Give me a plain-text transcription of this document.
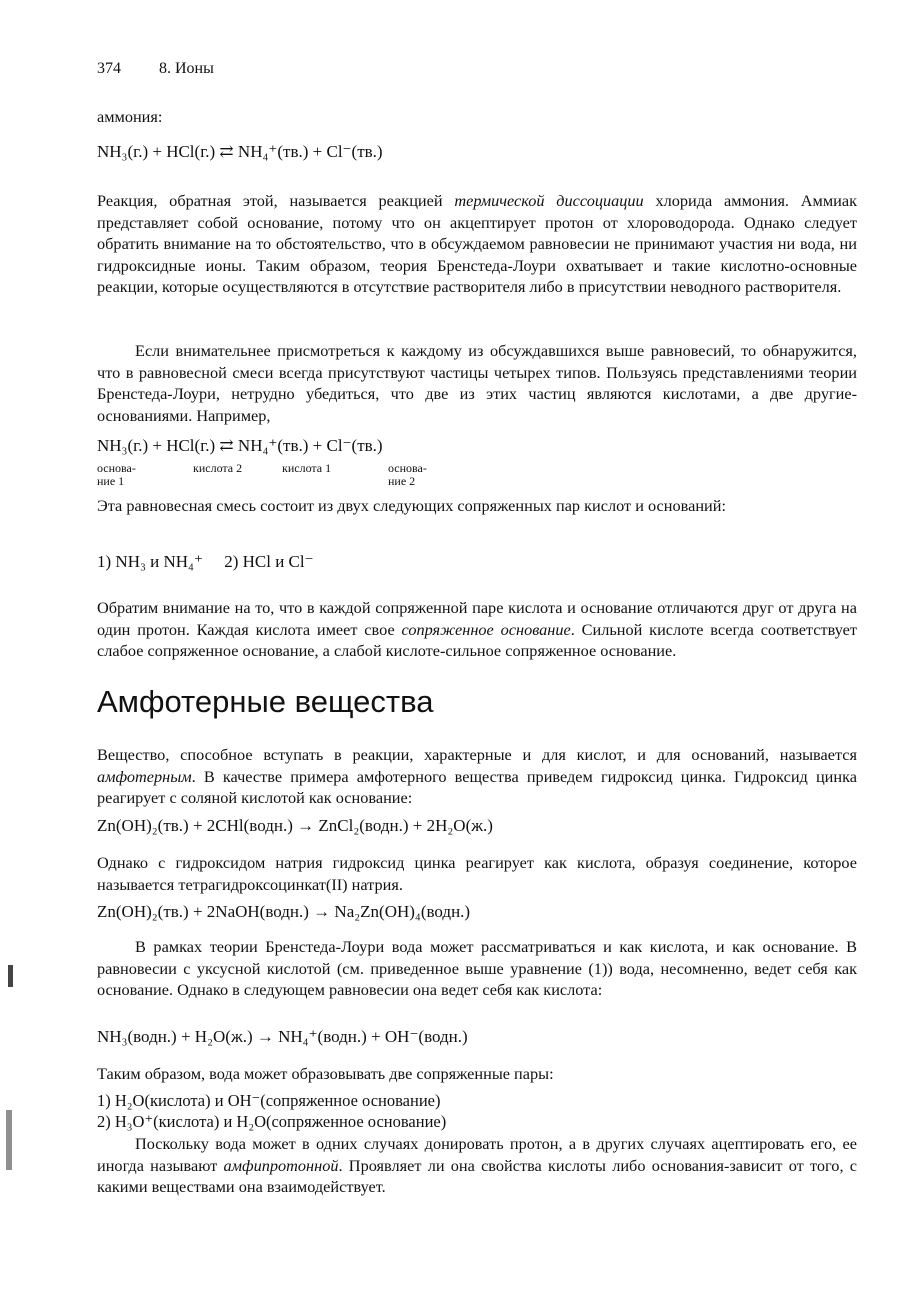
374 8. Ионы
аммония:
NH₃(г.) + HCl(г.) ⇄ NH₄⁺(тв.) + Cl⁻(тв.)
Реакция, обратная этой, называется реакцией термической диссоциации хлорида аммония. Аммиак представляет собой основание, потому что он акцептирует протон от хлороводорода. Однако следует обратить внимание на то обстоятельство, что в обсуждаемом равновесии не принимают участия ни вода, ни гидроксидные ионы. Таким образом, теория Бренстеда-Лоури охватывает и такие кислотно-основные реакции, которые осуществляются в отсутствие растворителя либо в присутствии неводного растворителя.
Если внимательнее присмотреться к каждому из обсуждавшихся выше равновесий, то обнаружится, что в равновесной смеси всегда присутствуют частицы четырех типов. Пользуясь представлениями теории Бренстеда-Лоури, нетрудно убедиться, что две из этих частиц являются кислотами, а две другие-основаниями. Например,
NH₃(г.) + HCl(г.) ⇄ NH₄⁺(тв.) + Cl⁻(тв.)
основа-
ние 1
кислота 2	кислота 1	основа-
ние 2
Эта равновесная смесь состоит из двух следующих сопряженных пар кислот и оснований:
1) NH₃ и NH₄⁺     2) HCl и Cl⁻
Обратим внимание на то, что в каждой сопряженной паре кислота и основание отличаются друг от друга на один протон. Каждая кислота имеет свое сопряженное основание. Сильной кислоте всегда соответствует слабое сопряженное основание, а слабой кислоте-сильное сопряженное основание.
Амфотерные вещества
Вещество, способное вступать в реакции, характерные и для кислот, и для оснований, называется амфотерным. В качестве примера амфотерного вещества приведем гидроксид цинка. Гидроксид цинка реагирует с соляной кислотой как основание:
Zn(OH)₂(тв.) + 2CHl(водн.) → ZnCl₂(водн.) + 2H₂O(ж.)
Однако с гидроксидом натрия гидроксид цинка реагирует как кислота, образуя соединение, которое называется тетрагидроксоцинкат(II) натрия.
Zn(OH)₂(тв.) + 2NaOH(водн.) → Na₂Zn(OH)₄(водн.)
В рамках теории Бренстеда-Лоури вода может рассматриваться и как кислота, и как основание. В равновесии с уксусной кислотой (см. приведенное выше уравнение (1)) вода, несомненно, ведет себя как основание. Однако в следующем равновесии она ведет себя как кислота:
NH₃(водн.) + H₂O(ж.) → NH₄⁺(водн.) + OH⁻(водн.)
Таким образом, вода может образовывать две сопряженные пары:
1) H₂O(кислота) и OH⁻(сопряженное основание)
2) H₃O⁺(кислота) и H₂O(сопряженное основание)
Поскольку вода может в одних случаях донировать протон, а в других случаях ацептировать его, ее иногда называют амфипротонной. Проявляет ли она свойства кислоты либо основания-зависит от того, с какими веществами она взаимодействует.
